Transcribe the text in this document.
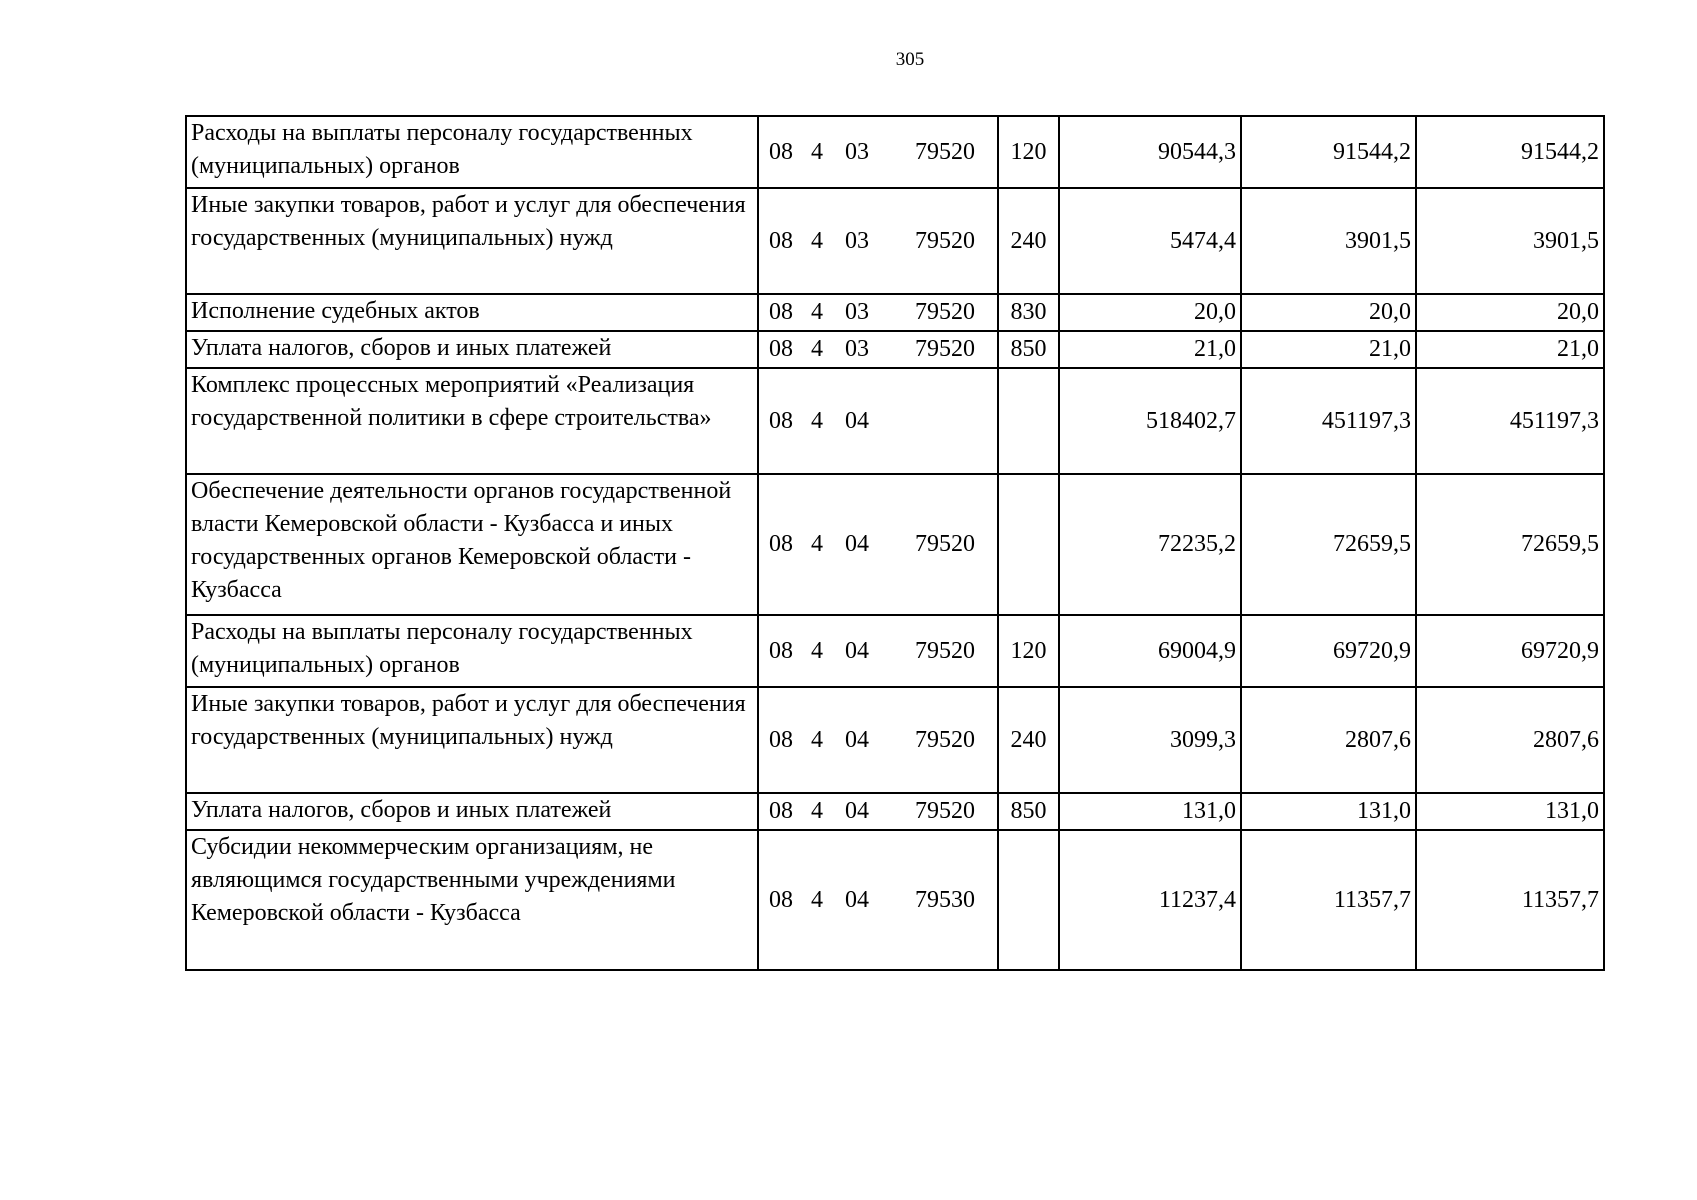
305
Расходы на выплаты персоналу государственных (муниципальных) органов	08 4 03 79520	120	90544,3	91544,2	91544,2
Иные закупки товаров, работ и услуг для обеспечения государственных (муниципальных) нужд	08 4 03 79520	240	5474,4	3901,5	3901,5
Исполнение судебных актов	08 4 03 79520	830	20,0	20,0	20,0
Уплата налогов, сборов и иных платежей	08 4 03 79520	850	21,0	21,0	21,0
Комплекс процессных мероприятий «Реализация государственной политики в сфере строительства»	08 4 04		518402,7	451197,3	451197,3
Обеспечение деятельности органов государственной власти Кемеровской области - Кузбасса и иных государственных органов Кемеровской области - Кузбасса	08 4 04 79520		72235,2	72659,5	72659,5
Расходы на выплаты персоналу государственных (муниципальных) органов	08 4 04 79520	120	69004,9	69720,9	69720,9
Иные закупки товаров, работ и услуг для обеспечения государственных (муниципальных) нужд	08 4 04 79520	240	3099,3	2807,6	2807,6
Уплата налогов, сборов и иных платежей	08 4 04 79520	850	131,0	131,0	131,0
Субсидии некоммерческим организациям, не являющимся государственными учреждениями Кемеровской области - Кузбасса	08 4 04 79530		11237,4	11357,7	11357,7
